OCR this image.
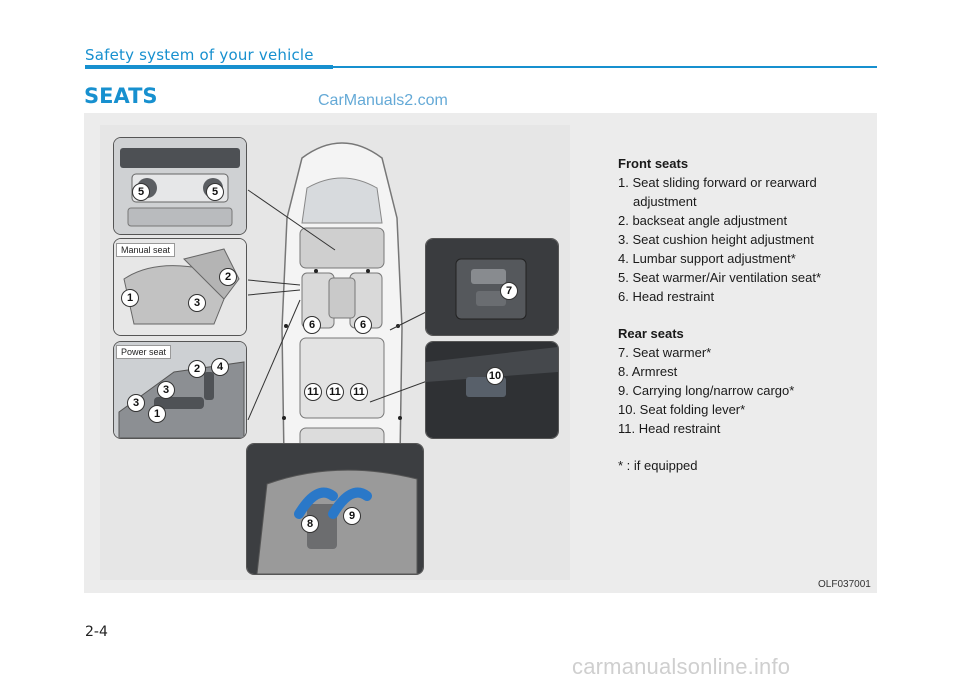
Safety system of your vehicle
SEATS	CarManuals2.com
5	5
Manual seat
1
2
3
Power seat
1
2
3
3
4
7
10
8
9
6	6
11 11 11
Front seats
1. Seat sliding forward or rearward
adjustment
2. backseat angle adjustment
3. Seat cushion height adjustment
4. Lumbar support adjustment*
5. Seat warmer/Air ventilation seat*
6. Head restraint
Rear seats
7. Seat warmer*
8. Armrest
9. Carrying long/narrow cargo*
10. Seat folding lever*
11. Head restraint
* : if equipped
OLF037001
2-4
carmanualsonline.info
